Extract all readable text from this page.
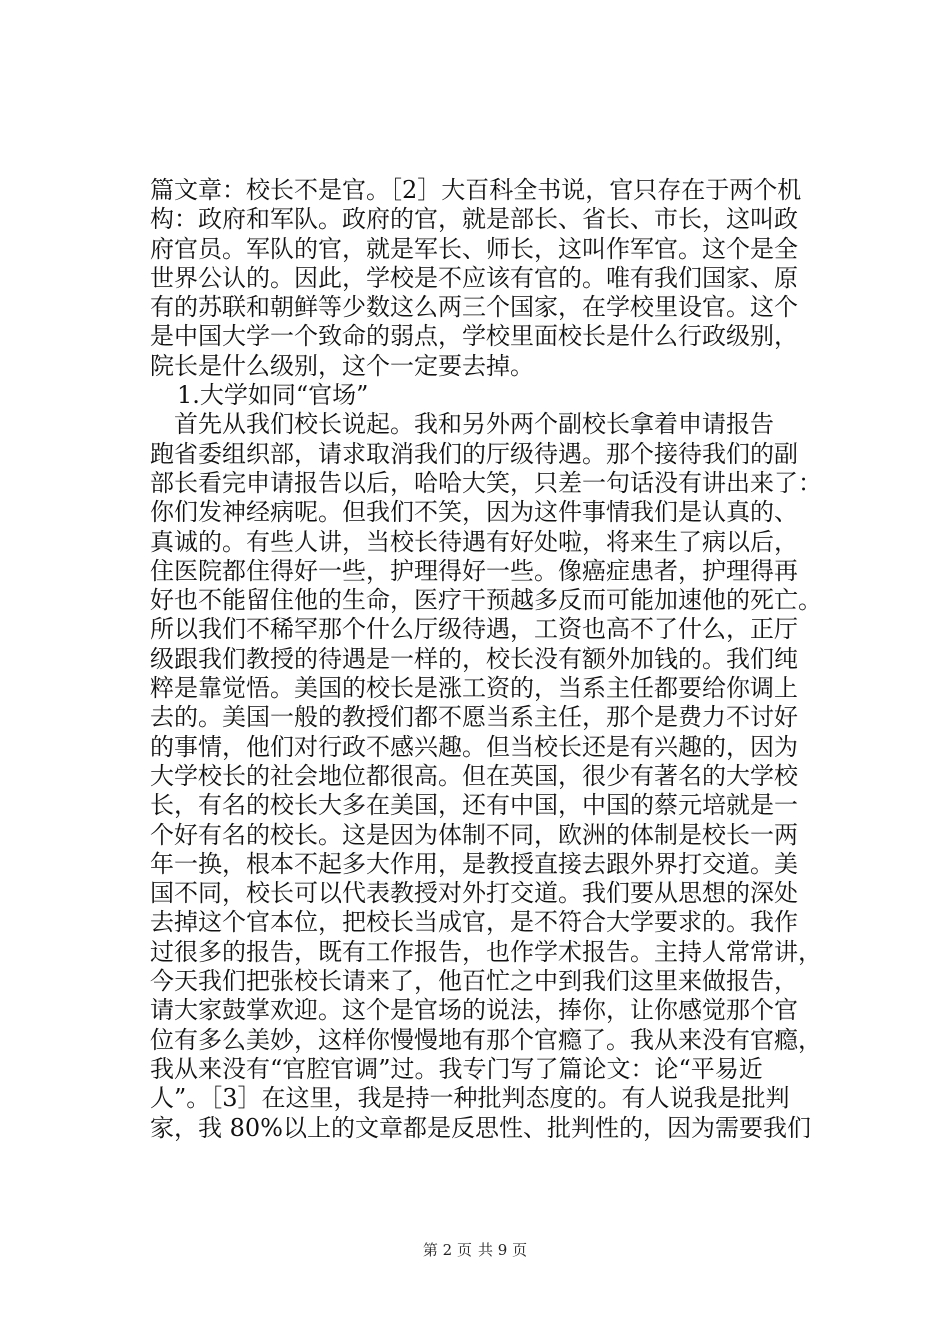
篇文章：校长不是官。［2］大百科全书说，官只存在于两个机
构：政府和军队。政府的官，就是部长、省长、市长，这叫政
府官员。军队的官，就是军长、师长，这叫作军官。这个是全
世界公认的。因此，学校是不应该有官的。唯有我们国家、原
有的苏联和朝鲜等少数这么两三个国家，在学校里设官。这个
是中国大学一个致命的弱点，学校里面校长是什么行政级别，
院长是什么级别，这个一定要去掉。
1.大学如同“官场”
　首先从我们校长说起。我和另外两个副校长拿着申请报告
跑省委组织部，请求取消我们的厅级待遇。那个接待我们的副
部长看完申请报告以后，哈哈大笑，只差一句话没有讲出来了：
你们发神经病呢。但我们不笑，因为这件事情我们是认真的、
真诚的。有些人讲，当校长待遇有好处啦，将来生了病以后，
住医院都住得好一些，护理得好一些。像癌症患者，护理得再
好也不能留住他的生命，医疗干预越多反而可能加速他的死亡。
所以我们不稀罕那个什么厅级待遇，工资也高不了什么，正厅
级跟我们教授的待遇是一样的，校长没有额外加钱的。我们纯
粹是靠觉悟。美国的校长是涨工资的，当系主任都要给你调上
去的。美国一般的教授们都不愿当系主任，那个是费力不讨好
的事情，他们对行政不感兴趣。但当校长还是有兴趣的，因为
大学校长的社会地位都很高。但在英国，很少有著名的大学校
长，有名的校长大多在美国，还有中国，中国的蔡元培就是一
个好有名的校长。这是因为体制不同，欧洲的体制是校长一两
年一换，根本不起多大作用，是教授直接去跟外界打交道。美
国不同，校长可以代表教授对外打交道。我们要从思想的深处
去掉这个官本位，把校长当成官，是不符合大学要求的。我作
过很多的报告，既有工作报告，也作学术报告。主持人常常讲，
今天我们把张校长请来了，他百忙之中到我们这里来做报告，
请大家鼓掌欢迎。这个是官场的说法，捧你，让你感觉那个官
位有多么美妙，这样你慢慢地有那个官瘾了。我从来没有官瘾，
我从来没有“官腔官调”过。我专门写了篇论文：论“平易近
人”。［3］在这里，我是持一种批判态度的。有人说我是批判
家，我 80%以上的文章都是反思性、批判性的，因为需要我们
第 2 页 共 9 页
